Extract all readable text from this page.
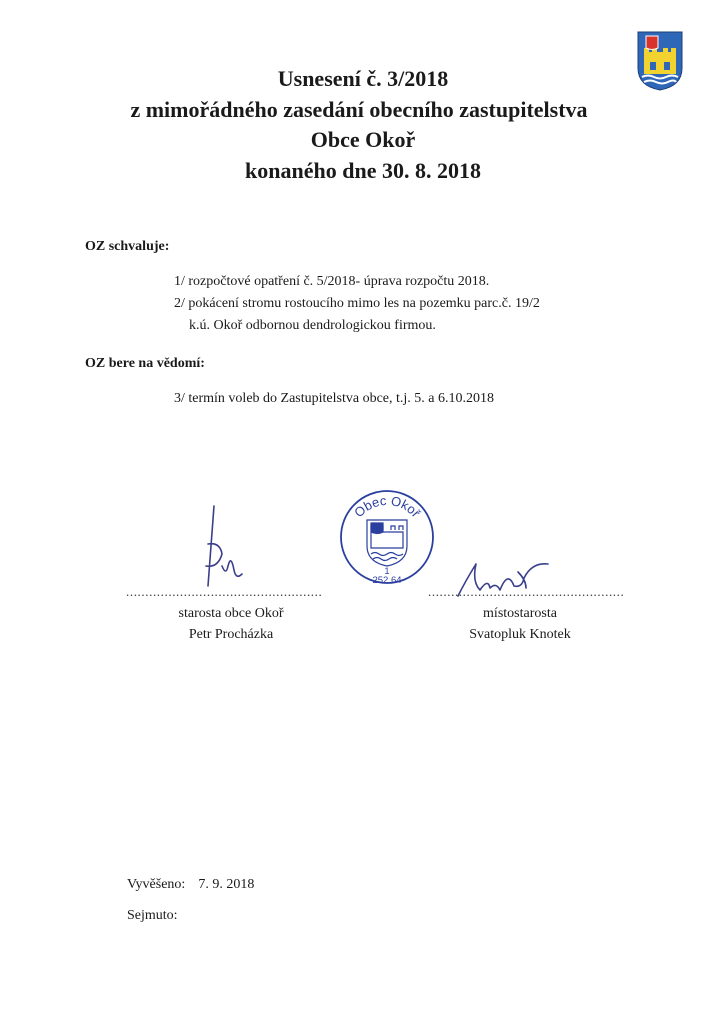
Usnesení č. 3/2018
z mimořádného zasedání obecního zastupitelstva
Obce Okoř
konaného dne 30. 8. 2018
OZ schvaluje:
1/ rozpočtové opatření č. 5/2018- úprava rozpočtu 2018.
2/ pokácení stromu rostoucího mimo les na pozemku parc.č. 19/2
k.ú. Okoř odbornou dendrologickou firmou.
OZ bere na vědomí:
3/ termín voleb do Zastupitelstva obce, t.j. 5. a 6.10.2018
Obec Okoř
1
252 64
...................................................	...................................................
starosta obce Okoř
Petr Procházka
místostarosta
Svatopluk Knotek
Vyvěšeno: 7. 9. 2018
Sejmuto:
